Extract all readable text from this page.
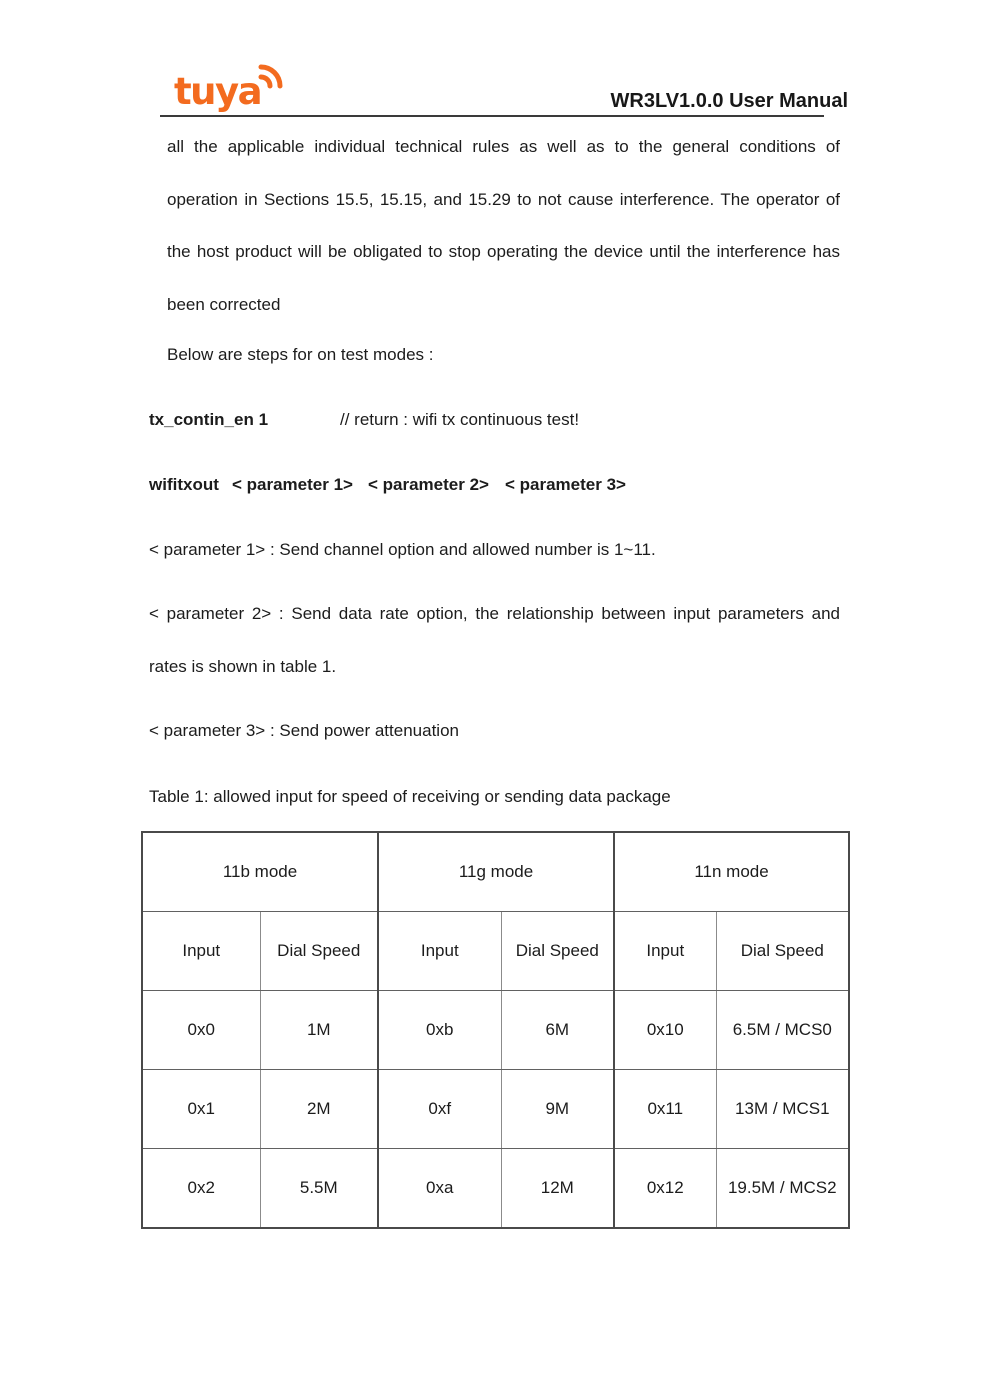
tuya	WR3LV1.0.0 User Manual
all the applicable individual technical rules as well as to the general conditions of
operation in Sections 15.5, 15.15, and 15.29 to not cause interference. The operator of
the host product will be obligated to stop operating the device until the interference has
been corrected
Below are steps for on test modes :
tx_contin_en 1	// return : wifi tx continuous test!
wifitxout < parameter 1> < parameter 2> < parameter 3>
< parameter 1> : Send channel option and allowed number is 1~11.
< parameter 2> : Send data rate option, the relationship between input parameters and
rates is shown in table 1.
< parameter 3> : Send power attenuation
Table 1: allowed input for speed of receiving or sending data package
11b mode		11g mode		11n mode	
Input	Dial Speed	Input	Dial Speed	Input	Dial Speed
0x0	1M	0xb	6M	0x10	6.5M / MCS0
0x1	2M	0xf	9M	0x11	13M / MCS1
0x2	5.5M	0xa	12M	0x12	19.5M / MCS2
